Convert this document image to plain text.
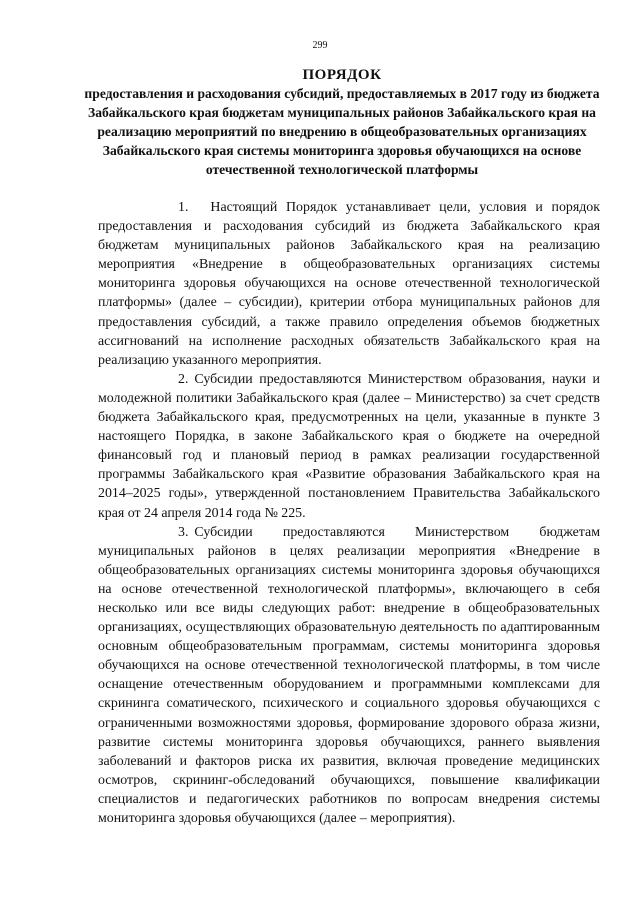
299
ПОРЯДОК

предоставления и расходования субсидий, предоставляемых в 2017 году из бюджета Забайкальского края бюджетам муниципальных районов Забайкальского края на реализацию мероприятий по внедрению в общеобразовательных организациях Забайкальского края системы мониторинга здоровья обучающихся на основе отечественной технологической платформы

1. Настоящий Порядок устанавливает цели, условия и порядок предоставления и расходования субсидий из бюджета Забайкальского края бюджетам муниципальных районов Забайкальского края на реализацию мероприятия «Внедрение в общеобразовательных организациях системы мониторинга здоровья обучающихся на основе отечественной технологической платформы» (далее – субсидии), критерии отбора муниципальных районов для предоставления субсидий, а также правило определения объемов бюджетных ассигнований на исполнение расходных обязательств Забайкальского края на реализацию указанного мероприятия.

2. Субсидии предоставляются Министерством образования, науки и молодежной политики Забайкальского края (далее – Министерство) за счет средств бюджета Забайкальского края, предусмотренных на цели, указанные в пункте 3 настоящего Порядка, в законе Забайкальского края о бюджете на очередной финансовый год и плановый период в рамках реализации государственной программы Забайкальского края «Развитие образования Забайкальского края на 2014–2025 годы», утвержденной постановлением Правительства Забайкальского края от 24 апреля 2014 года № 225.

3. Субсидии предоставляются Министерством бюджетам муниципальных районов в целях реализации мероприятия «Внедрение в общеобразовательных организациях системы мониторинга здоровья обучающихся на основе отечественной технологической платформы», включающего в себя несколько или все виды следующих работ: внедрение в общеобразовательных организациях, осуществляющих образовательную деятельность по адаптированным основным общеобразовательным программам, системы мониторинга здоровья обучающихся на основе отечественной технологической платформы, в том числе оснащение отечественным оборудованием и программными комплексами для скрининга соматического, психического и социального здоровья обучающихся с ограниченными возможностями здоровья, формирование здорового образа жизни, развитие системы мониторинга здоровья обучающихся, раннего выявления заболеваний и факторов риска их развития, включая проведение медицинских осмотров, скрининг-обследований обучающихся, повышение квалификации специалистов и педагогических работников по вопросам внедрения системы мониторинга здоровья обучающихся (далее – мероприятия).
